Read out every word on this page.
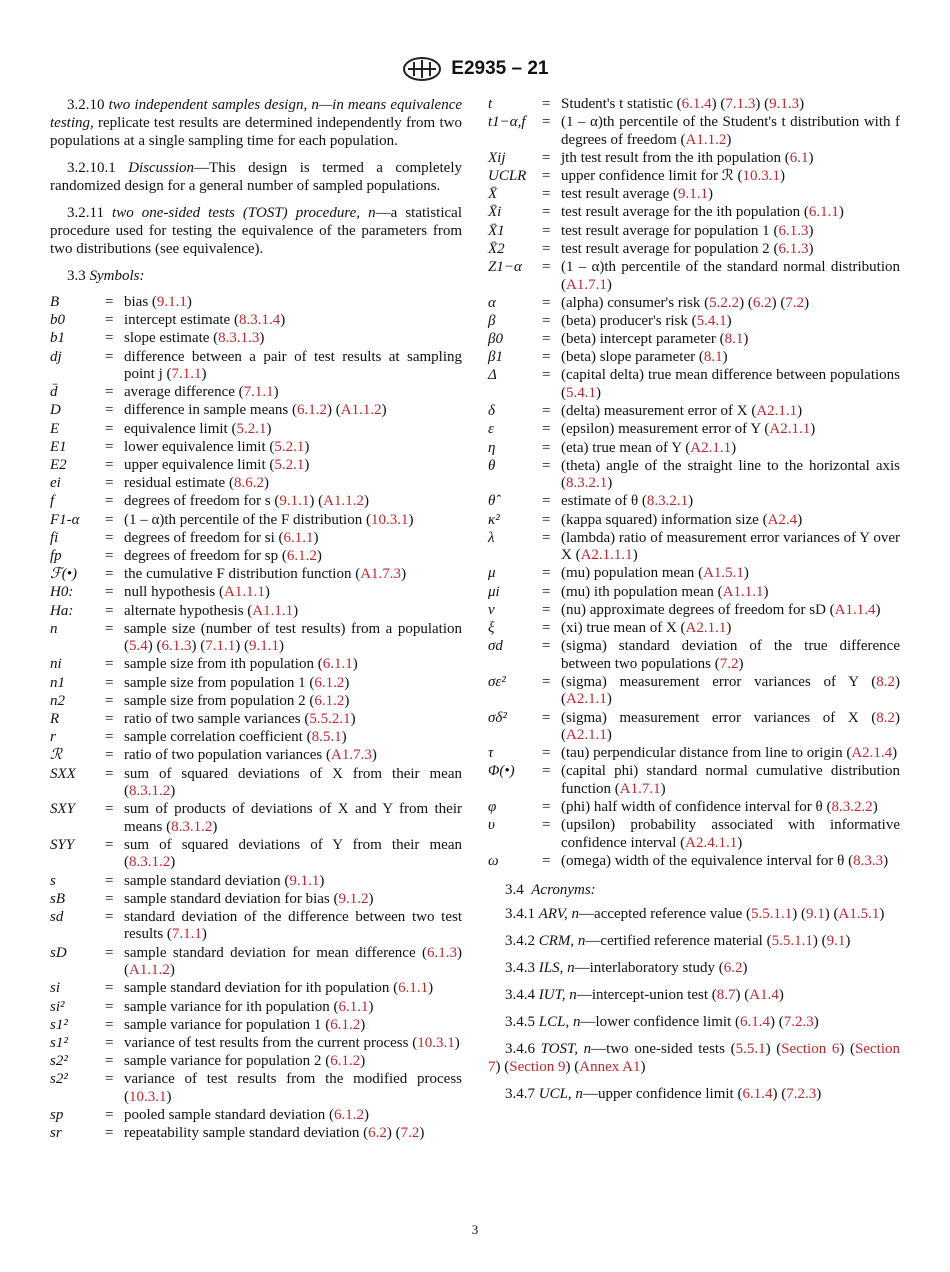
E2935 – 21

3.2.10 two independent samples design, n—in means equivalence testing, replicate test results are determined independently from two populations at a single sampling time for each population.

3.2.10.1 Discussion—This design is termed a completely randomized design for a general number of sampled populations.

3.2.11 two one-sided tests (TOST) procedure, n—a statistical procedure used for testing the equivalence of the parameters from two distributions (see equivalence).

3.3 Symbols:

B	= bias (9.1.1)
b0	= intercept estimate (8.3.1.4)
b1	= slope estimate (8.3.1.3)
dj	= difference between a pair of test results at sampling point j (7.1.1)
d̄	= average difference (7.1.1)
D	= difference in sample means (6.1.2) (A1.1.2)
E	= equivalence limit (5.2.1)
E1	= lower equivalence limit (5.2.1)
E2	= upper equivalence limit (5.2.1)
ei	= residual estimate (8.6.2)
f	= degrees of freedom for s (9.1.1) (A1.1.2)
F1-α	= (1 – α)th percentile of the F distribution (10.3.1)
fi	= degrees of freedom for si (6.1.1)
fp	= degrees of freedom for sp (6.1.2)
ℱ(•)	= the cumulative F distribution function (A1.7.3)
H0:	= null hypothesis (A1.1.1)
Ha:	= alternate hypothesis (A1.1.1)
n	= sample size (number of test results) from a population (5.4) (6.1.3) (7.1.1) (9.1.1)
ni	= sample size from ith population (6.1.1)
n1	= sample size from population 1 (6.1.2)
n2	= sample size from population 2 (6.1.2)
R	= ratio of two sample variances (5.5.2.1)
r	= sample correlation coefficient (8.5.1)
ℛ	= ratio of two population variances (A1.7.3)
SXX	= sum of squared deviations of X from their mean (8.3.1.2)
SXY	= sum of products of deviations of X and Y from their means (8.3.1.2)
SYY	= sum of squared deviations of Y from their mean (8.3.1.2)
s	= sample standard deviation (9.1.1)
sB	= sample standard deviation for bias (9.1.2)
sd	= standard deviation of the difference between two test results (7.1.1)
sD	= sample standard deviation for mean difference (6.1.3) (A1.1.2)
si	= sample standard deviation for ith population (6.1.1)
si²	= sample variance for ith population (6.1.1)
s1²	= sample variance for population 1 (6.1.2)
s1²	= variance of test results from the current process (10.3.1)
s2²	= sample variance for population 2 (6.1.2)
s2²	= variance of test results from the modified process (10.3.1)
sp	= pooled sample standard deviation (6.1.2)
sr	= repeatability sample standard deviation (6.2) (7.2)
t	= Student's t statistic (6.1.4) (7.1.3) (9.1.3)
t1−α,f	= (1 – α)th percentile of the Student's t distribution with f degrees of freedom (A1.1.2)
Xij	= jth test result from the ith population (6.1)
UCLR	= upper confidence limit for ℛ (10.3.1)
X̄	= test result average (9.1.1)
X̄i	= test result average for the ith population (6.1.1)
X̄1	= test result average for population 1 (6.1.3)
X̄2	= test result average for population 2 (6.1.3)
Z1−α	= (1 – α)th percentile of the standard normal distribution (A1.7.1)
α	= (alpha) consumer's risk (5.2.2) (6.2) (7.2)
β	= (beta) producer's risk (5.4.1)
β0	= (beta) intercept parameter (8.1)
β1	= (beta) slope parameter (8.1)
Δ	= (capital delta) true mean difference between populations (5.4.1)
δ	= (delta) measurement error of X (A2.1.1)
ε	= (epsilon) measurement error of Y (A2.1.1)
η	= (eta) true mean of Y (A2.1.1)
θ	= (theta) angle of the straight line to the horizontal axis (8.3.2.1)
θ̂	= estimate of θ (8.3.2.1)
κ²	= (kappa squared) information size (A2.4)
λ	= (lambda) ratio of measurement error variances of Y over X (A2.1.1.1)
μ	= (mu) population mean (A1.5.1)
μi	= (mu) ith population mean (A1.1.1)
ν	= (nu) approximate degrees of freedom for sD (A1.1.4)
ξ	= (xi) true mean of X (A2.1.1)
σd	= (sigma) standard deviation of the true difference between two populations (7.2)
σε²	= (sigma) measurement error variances of Y (8.2) (A2.1.1)
σδ²	= (sigma) measurement error variances of X (8.2) (A2.1.1)
τ	= (tau) perpendicular distance from line to origin (A2.1.4)
Φ(•)	= (capital phi) standard normal cumulative distribution function (A1.7.1)
φ	= (phi) half width of confidence interval for θ (8.3.2.2)
υ	= (upsilon) probability associated with informative confidence interval (A2.4.1.1)
ω	= (omega) width of the equivalence interval for θ (8.3.3)

3.4 Acronyms:

3.4.1 ARV, n—accepted reference value (5.5.1.1) (9.1) (A1.5.1)

3.4.2 CRM, n—certified reference material (5.5.1.1) (9.1)

3.4.3 ILS, n—interlaboratory study (6.2)

3.4.4 IUT, n—intercept-union test (8.7) (A1.4)

3.4.5 LCL, n—lower confidence limit (6.1.4) (7.2.3)

3.4.6 TOST, n—two one-sided tests (5.5.1) (Section 6) (Section 7) (Section 9) (Annex A1)

3.4.7 UCL, n—upper confidence limit (6.1.4) (7.2.3)

3
